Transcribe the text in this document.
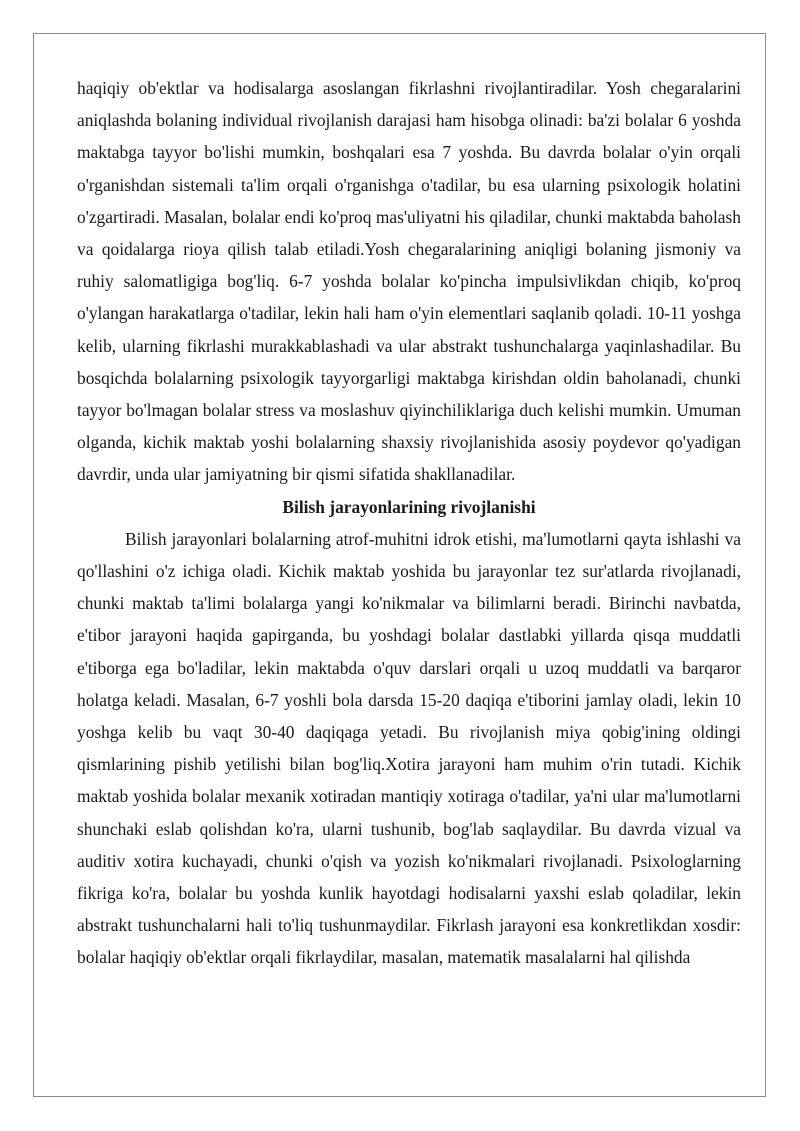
haqiqiy ob'ektlar va hodisalarga asoslangan fikrlashni rivojlantiradilar. Yosh chegaralarini aniqlashda bolaning individual rivojlanish darajasi ham hisobga olinadi: ba'zi bolalar 6 yoshda maktabga tayyor bo'lishi mumkin, boshqalari esa 7 yoshda. Bu davrda bolalar o'yin orqali o'rganishdan sistemali ta'lim orqali o'rganishga o'tadilar, bu esa ularning psixologik holatini o'zgartiradi. Masalan, bolalar endi ko'proq mas'uliyatni his qiladilar, chunki maktabda baholash va qoidalarga rioya qilish talab etiladi.Yosh chegaralarining aniqligi bolaning jismoniy va ruhiy salomatligiga bog'liq. 6-7 yoshda bolalar ko'pincha impulsivlikdan chiqib, ko'proq o'ylangan harakatlarga o'tadilar, lekin hali ham o'yin elementlari saqlanib qoladi. 10-11 yoshga kelib, ularning fikrlashi murakkablashadi va ular abstrakt tushunchalarga yaqinlashadilar. Bu bosqichda bolalarning psixologik tayyorgarligi maktabga kirishdan oldin baholanadi, chunki tayyor bo'lmagan bolalar stress va moslashuv qiyinchiliklariga duch kelishi mumkin. Umuman olganda, kichik maktab yoshi bolalarning shaxsiy rivojlanishida asosiy poydevor qo'yadigan davrdir, unda ular jamiyatning bir qismi sifatida shakllanadilar.

Bilish jarayonlarining rivojlanishi

Bilish jarayonlari bolalarning atrof-muhitni idrok etishi, ma'lumotlarni qayta ishlashi va qo'llashini o'z ichiga oladi. Kichik maktab yoshida bu jarayonlar tez sur'atlarda rivojlanadi, chunki maktab ta'limi bolalarga yangi ko'nikmalar va bilimlarni beradi. Birinchi navbatda, e'tibor jarayoni haqida gapirganda, bu yoshdagi bolalar dastlabki yillarda qisqa muddatli e'tiborga ega bo'ladilar, lekin maktabda o'quv darslari orqali u uzoq muddatli va barqaror holatga keladi. Masalan, 6-7 yoshli bola darsda 15-20 daqiqa e'tiborini jamlay oladi, lekin 10 yoshga kelib bu vaqt 30-40 daqiqaga yetadi. Bu rivojlanish miya qobig'ining oldingi qismlarining pishib yetilishi bilan bog'liq.Xotira jarayoni ham muhim o'rin tutadi. Kichik maktab yoshida bolalar mexanik xotiradan mantiqiy xotiraga o'tadilar, ya'ni ular ma'lumotlarni shunchaki eslab qolishdan ko'ra, ularni tushunib, bog'lab saqlaydilar. Bu davrda vizual va auditiv xotira kuchayadi, chunki o'qish va yozish ko'nikmalari rivojlanadi. Psixologlarning fikriga ko'ra, bolalar bu yoshda kunlik hayotdagi hodisalarni yaxshi eslab qoladilar, lekin abstrakt tushunchalarni hali to'liq tushunmaydilar. Fikrlash jarayoni esa konkretlikdan xosdir: bolalar haqiqiy ob'ektlar orqali fikrlaydilar, masalan, matematik masalalarni hal qilishda
